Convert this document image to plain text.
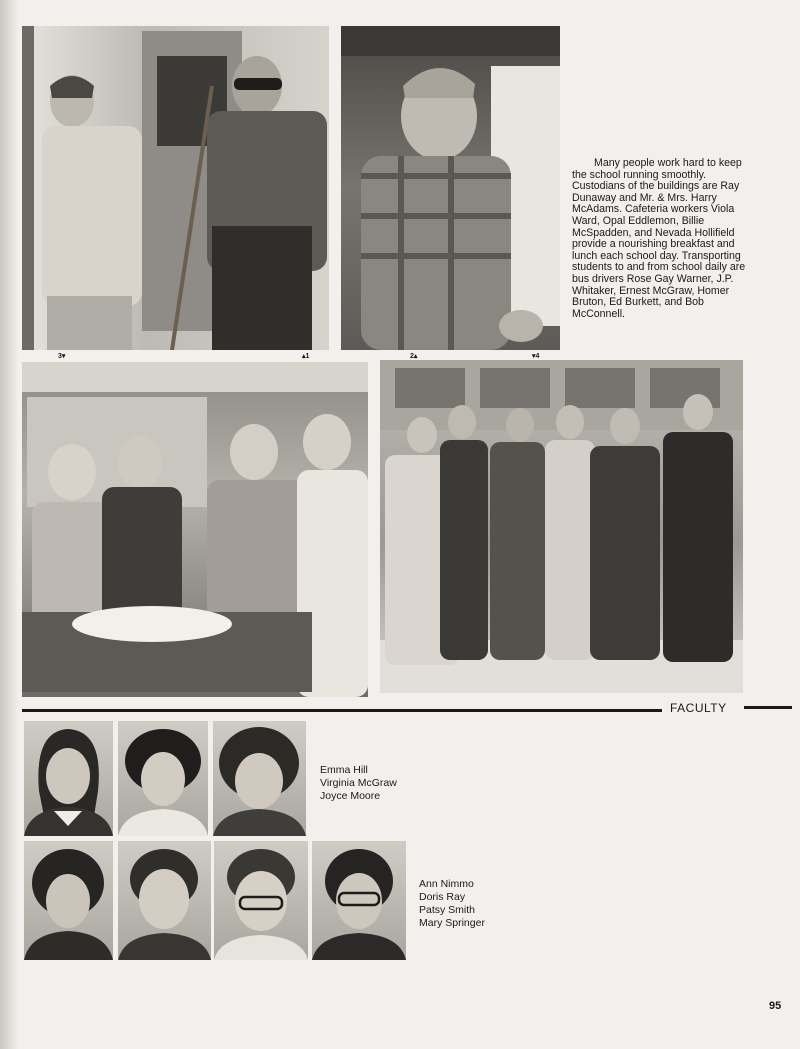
Many people work hard to keep the school running smoothly. Custodians of the buildings are Ray Dunaway and Mr. & Mrs. Harry McAdams. Cafeteria workers Viola Ward, Opal Eddlemon, Billie McSpadden, and Nevada Hollifield provide a nourishing breakfast and lunch each school day. Transporting students to and from school daily are bus drivers Rose Gay Warner, J.P. Whitaker, Ernest McGraw, Homer Bruton, Ed Burkett, and Bob McConnell.
3▾	▴1	2▴	▾4
FACULTY
Emma Hill
Virginia McGraw
Joyce Moore
Ann Nimmo
Doris Ray
Patsy Smith
Mary Springer
95
